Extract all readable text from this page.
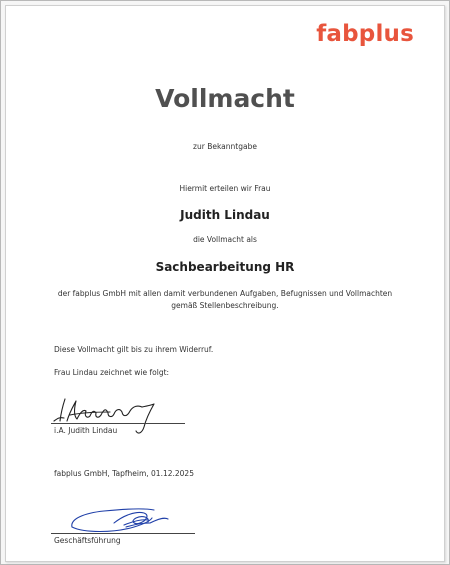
fabplus
Vollmacht
zur Bekanntgabe
Hiermit erteilen wir Frau
Judith Lindau
die Vollmacht als
Sachbearbeitung HR
der fabplus GmbH mit allen damit verbundenen Aufgaben, Befugnissen und Vollmachten
gemäß Stellenbeschreibung.
Diese Vollmacht gilt bis zu ihrem Widerruf.
Frau Lindau zeichnet wie folgt:
i.A. Judith Lindau
fabplus GmbH, Tapfheim, 01.12.2025
Geschäftsführung
